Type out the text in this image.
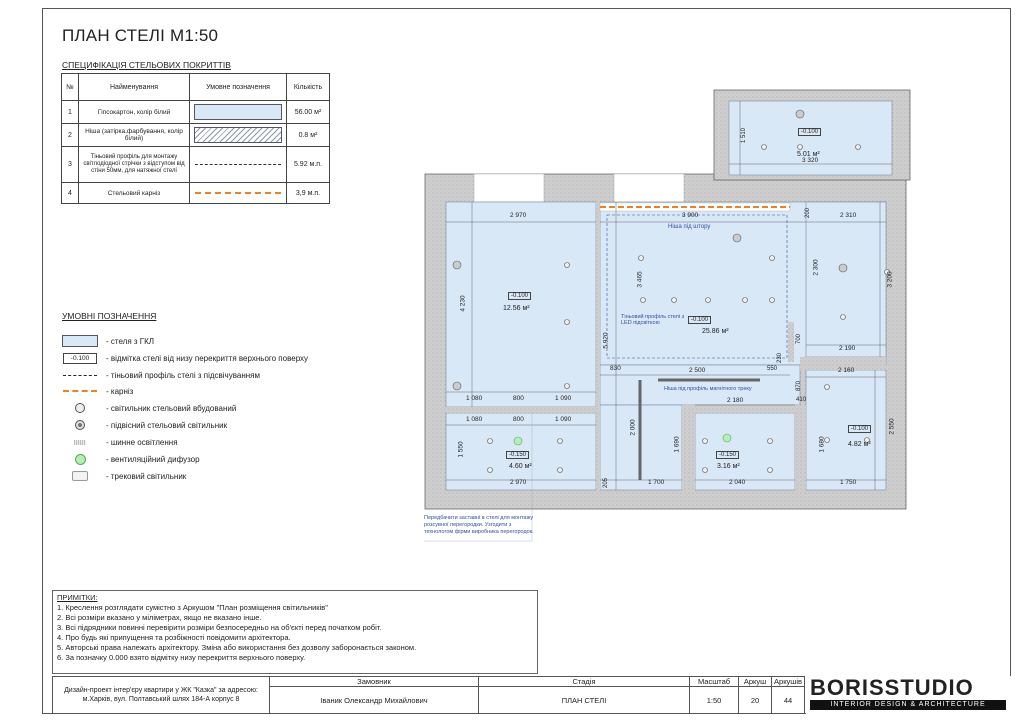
ПЛАН СТЕЛІ М1:50
СПЕЦИФІКАЦІЯ СТЕЛЬОВИХ ПОКРИТТІВ
№	Найменування	Умовне позначення	Кількість
1	Гіпсокартон, колір білий		56.00 м²
2	Ніша (затірка,фарбування, колір білий)		0.8 м²
3	Тіньовий профіль для монтажу світлодіодної стрічки з відступом від стіни 50мм, для натяжної стелі		5.92 м.п.
4	Стельовий карніз		3,9 м.п.
УМОВНІ ПОЗНАЧЕННЯ
- стеля з ГКЛ
-0.100	- відмітка стелі від низу перекриття верхнього поверху
- тіньовий профіль стелі з підсвічуванням
- карніз
- світильник стельовий вбудований
- підвісний стельовий світильник
- шинне освітлення
- вентиляційний дифузор
- трековий світильник
1 510	-0.100
5.01 м²
3 320
2 970
4 230	-0.100
12.56 м²
3 900	200
Ніша під штору
3 465
5 920
Тіньовий профіль стелі з LED підсвіткою	-0.100
25.86 м²
830	2 500
2 310
3 200
2 300
2 190
700
1 080	800	1 090
1 080	800	1 090
1 550	-0.150
4.60 м²
2 970
2 180
Ніша під профіль магнітного треку
1 690
-0.150
3.16 м²
2 040
2 160
1 680
2 550
870
410
-0.100
4.82 м²
1 750
2 000
1 700
205
550
230
Передбачити заставні в стелі для монтажу розсувної перегородки. Узгодити з технологом фірми виробника перегородок.
ПРИМІТКИ:
1. Креслення розглядати сумістно з Аркушом "План розміщення світильників"
2. Всі розміри вказано у міліметрах, якщо не вказано інше.
3. Всі підрядники повинні перевірити розміри безпосередньо на об'єкті перед початком робіт.
4. Про будь які припущення та розбіжності повідомити архітектора.
5. Авторські права належать архітектору. Зміна або використання без дозволу заборонається законом.
6. За позначку 0.000 взято відмітку низу перекриття верхнього поверху.
Дизайн-проект інтер'єру квартири у ЖК "Казка" за адресою: м.Харків, вул. Полтавський шлях 184-А корпус 8	Замовник	Стадія	Масштаб	Аркуш	Аркушів
	Іваник Олександр Михайлович	ПЛАН СТЕЛІ	1:50	20	44 BORISSTUDIO
INTERIOR DESIGN & ARCHITECTURE
